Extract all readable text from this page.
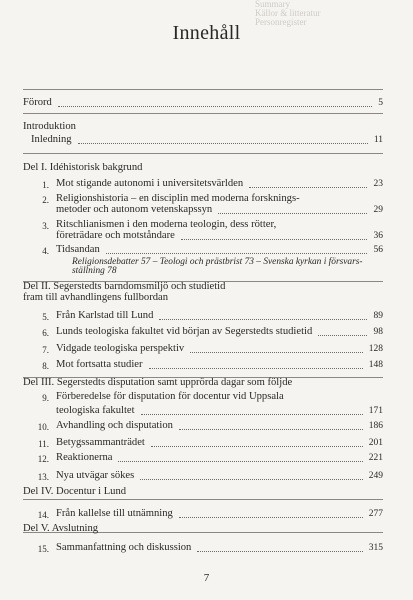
Summary
Källor & litteratur
Personregister
Innehåll
Förord	5
Introduktion
Inledning	11
Del I. Idéhistorisk bakgrund
1. Mot stigande autonomi i universitetsvärlden	23
2. Religionshistoria – en disciplin med moderna forsknings-
metoder och autonom vetenskapssyn	29
3. Ritschlianismen i den moderna teologin, dess rötter,
företrädare och motståndare	36
4. Tidsandan	56
Religionsdebatter 57 – Teologi och prästbrist 73 – Svenska kyrkan i försvars-
ställning 78
Del II. Segerstedts barndomsmiljö och studietid
fram till avhandlingens fullbordan
5. Från Karlstad till Lund	89
6. Lunds teologiska fakultet vid början av Segerstedts studietid	98
7. Vidgade teologiska perspektiv	128
8. Mot fortsatta studier	148
Del III. Segerstedts disputation samt upprörda dagar som följde
9. Förberedelse för disputation för docentur vid Uppsala
teologiska fakultet	171
10. Avhandling och disputation	186
11. Betygssammanträdet	201
12. Reaktionerna	221
13. Nya utvägar sökes	249
Del IV. Docentur i Lund
14. Från kallelse till utnämning	277
Del V. Avslutning
15. Sammanfattning och diskussion	315
7
